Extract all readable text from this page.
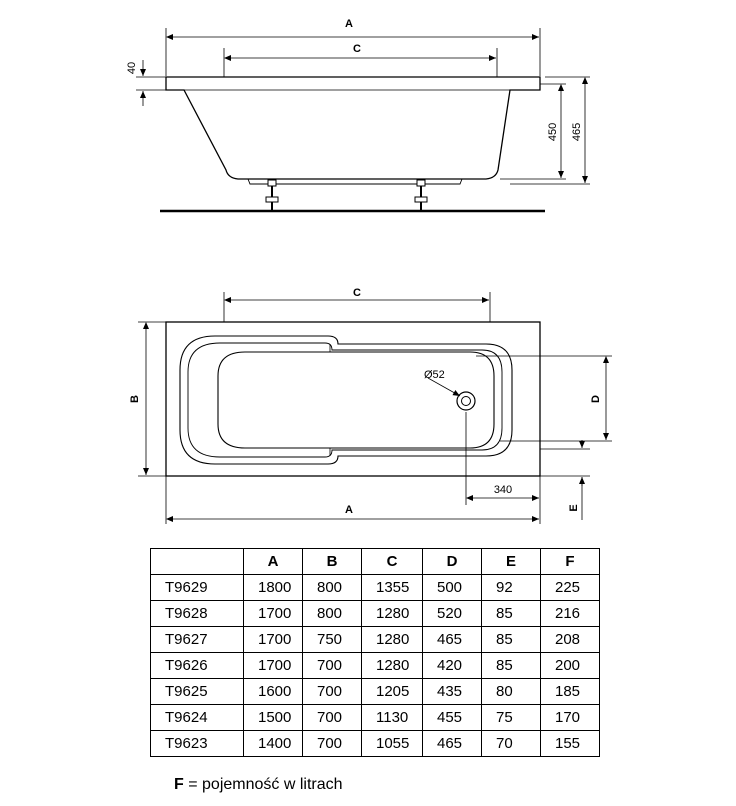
A
C
40
450 465
C
B
Ø52
D
340
E
A
	A	B	C	D	E	F
T9629	1800	800	1355	500	92	225
T9628	1700	800	1280	520	85	216
T9627	1700	750	1280	465	85	208
T9626	1700	700	1280	420	85	200
T9625	1600	700	1205	435	80	185
T9624	1500	700	1130	455	75	170
T9623	1400	700	1055	465	70	155
F = pojemność w litrach
